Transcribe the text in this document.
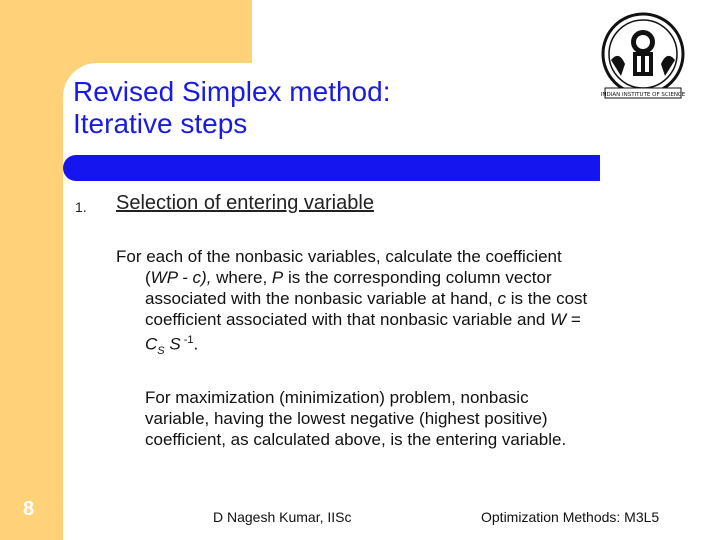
Revised Simplex method:
Iterative steps
INDIAN INSTITUTE OF SCIENCE
1. Selection of entering variable
For each of the nonbasic variables, calculate the coefficient
(WP - c), where, P is the corresponding column vector
associated with the nonbasic variable at hand, c is the cost
coefficient associated with that nonbasic variable and W =
$C_S$ S $^{-1}$.
For maximization (minimization) problem, nonbasic
variable, having the lowest negative (highest positive)
coefficient, as calculated above, is the entering variable.
8	D Nagesh Kumar, IISc	Optimization Methods: M3L5
